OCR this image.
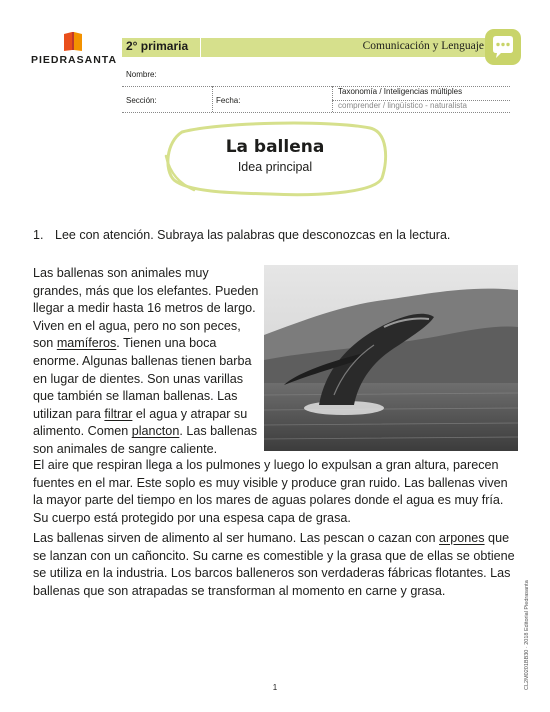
PIEDRASANTA
2° primaria	Comunicación y Lenguaje
Nombre:
Sección:	Fecha:
Taxonomía / Inteligencias múltiples
comprender / lingüístico - naturalista
La ballena
Idea principal
1. Lee con atención. Subraya las palabras que desconozcas en la lectura.
Las ballenas son animales muy grandes, más que los elefantes. Pueden llegar a medir hasta 16 metros de largo. Viven en el agua, pero no son peces, son mamíferos. Tienen una boca enorme. Algunas ballenas tienen barba en lugar de dientes. Son unas varillas que también se llaman ballenas. Las utilizan para filtrar el agua y atrapar su alimento. Comen plancton. Las ballenas son animales de sangre caliente.
El aire que respiran llega a los pulmones y luego lo expulsan a gran altura, parecen fuentes en el mar. Este soplo es muy visible y produce gran ruido. Las ballenas viven la mayor parte del tiempo en los mares de aguas polares donde el agua es muy fría. Su cuerpo está protegido por una espesa capa de grasa.
Las ballenas sirven de alimento al ser humano. Las pescan o cazan con arpones que se lanzan con un cañoncito. Su carne es comestible y la grasa que de ellas se obtiene se utiliza en la industria. Los barcos balleneros son verdaderas fábricas flotantes. Las ballenas que son atrapadas se transforman al momento en carne y grasa.	CL2M0201BB30 · 2018 Editorial Piedrasanta
1
